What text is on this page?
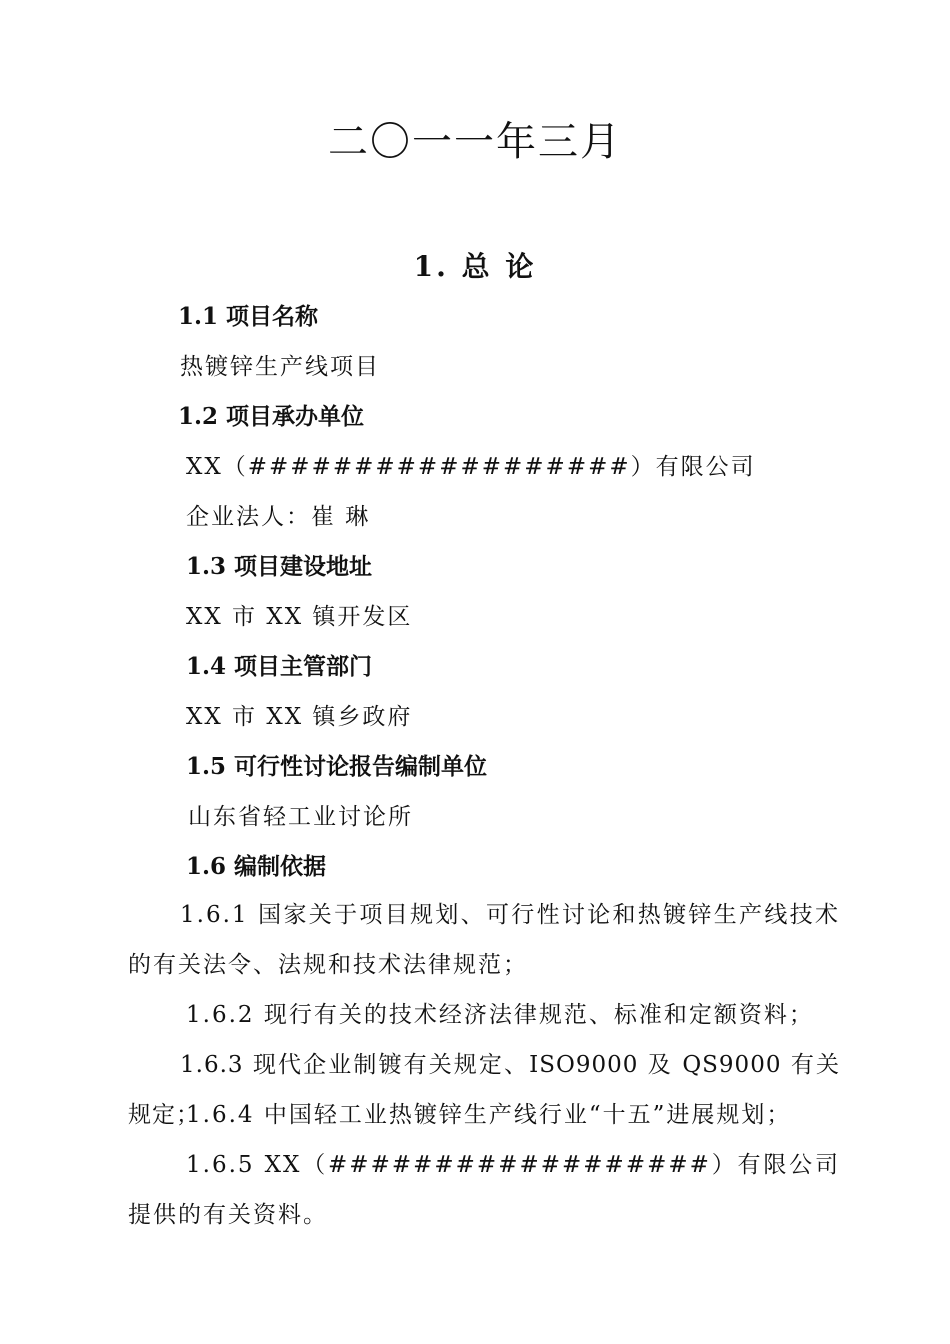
二〇一一年三月
1. 总 论
1.1 项目名称
热镀锌生产线项目
1.2 项目承办单位
XX（##################）有限公司
企业法人：崔 琳
1.3 项目建设地址
XX 市 XX 镇开发区
1.4 项目主管部门
XX 市 XX 镇乡政府
1.5 可行性讨论报告编制单位
山东省轻工业讨论所
1.6 编制依据
1.6.1 国家关于项目规划、可行性讨论和热镀锌生产线技术的有关法令、法规和技术法律规范；
1.6.2 现行有关的技术经济法律规范、标准和定额资料；
1.6.3 现代企业制镀有关规定、ISO9000 及 QS9000 有关规定；
1.6.4 中国轻工业热镀锌生产线行业“十五”进展规划；
1.6.5 XX（##################）有限公司提供的有关资料。
